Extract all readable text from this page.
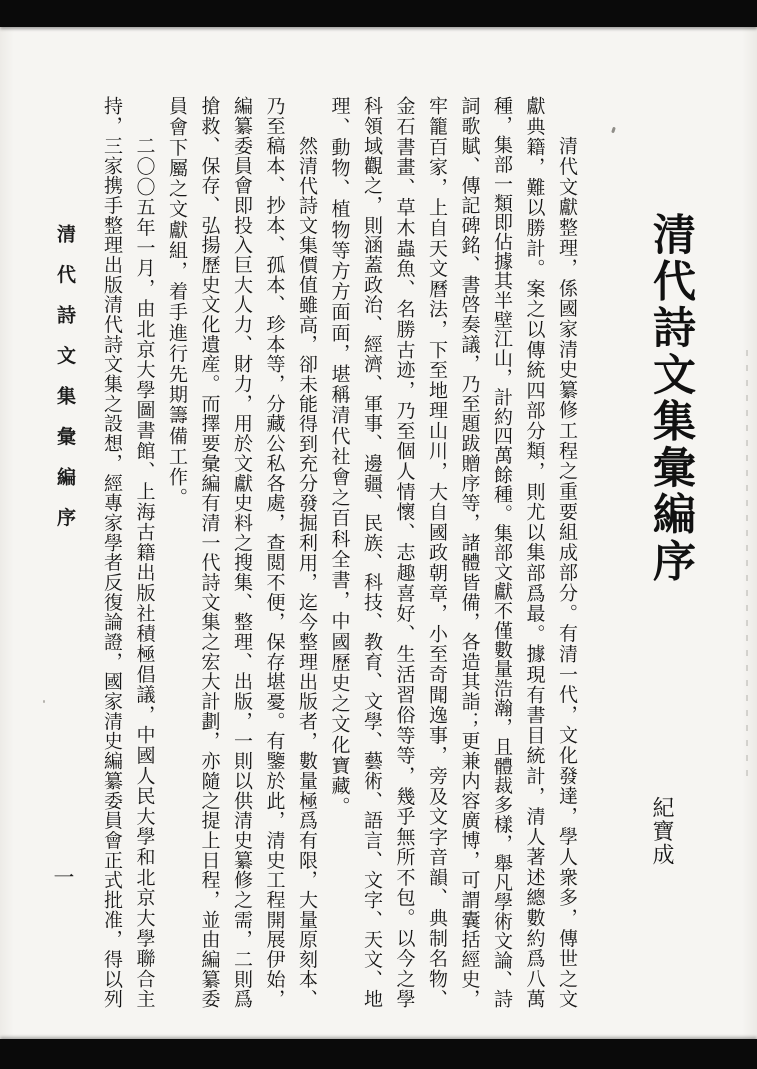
清代詩文集彙編序
紀寶成
清代文獻整理，係國家清史纂修工程之重要組成部分。有清一代，文化發達，學人衆多，傳世之文
獻典籍，難以勝計。案之以傳統四部分類，則尤以集部爲最。據現有書目統計，清人著述總數約爲八萬
種，集部一類即佔據其半壁江山，計約四萬餘種。集部文獻不僅數量浩瀚，且體裁多樣，舉凡學術文論、詩
詞歌賦、傳記碑銘、書啓奏議，乃至題跋贈序等，諸體皆備，各造其詣；更兼内容廣博，可謂囊括經史，
牢籠百家，上自天文曆法，下至地理山川，大自國政朝章，小至奇聞逸事，旁及文字音韻、典制名物、
金石書畫、草木蟲魚、名勝古迹，乃至個人情懷、志趣喜好、生活習俗等等，幾乎無所不包。以今之學
科領域觀之，則涵蓋政治、經濟、軍事、邊疆、民族、科技、教育、文學、藝術、語言、文字、天文、地
理、動物、植物等方方面面，堪稱清代社會之百科全書，中國歷史之文化寶藏。
然清代詩文集價值雖高，卻未能得到充分發掘利用，迄今整理出版者，數量極爲有限，大量原刻本、
乃至稿本、抄本、孤本、珍本等，分藏公私各處，查閲不便，保存堪憂。有鑒於此，清史工程開展伊始，
編纂委員會即投入巨大人力、財力，用於文獻史料之搜集、整理、出版，一則以供清史纂修之需，二則爲
搶救、保存、弘揚歷史文化遺産。而擇要彙編有清一代詩文集之宏大計劃，亦隨之提上日程，並由編纂委
員會下屬之文獻組，着手進行先期籌備工作。
二〇〇五年一月，由北京大學圖書館、上海古籍出版社積極倡議，中國人民大學和北京大學聯合主
持，三家携手整理出版清代詩文集之設想，經專家學者反復論證，國家清史編纂委員會正式批准，得以列
清代詩文集彙編序
一
